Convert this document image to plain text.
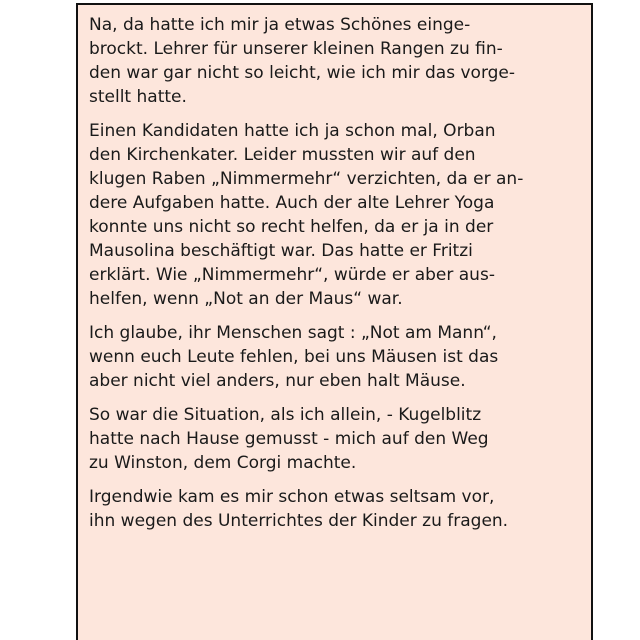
Na, da hatte ich mir ja etwas Schönes einge-
brockt. Lehrer für unserer kleinen Rangen zu fin-
den war gar nicht so leicht, wie ich mir das vorge-
stellt hatte.

Einen Kandidaten hatte ich ja schon mal, Orban
den Kirchenkater. Leider mussten wir auf den
klugen Raben „Nimmermehr“ verzichten, da er an-
dere Aufgaben hatte. Auch der alte Lehrer Yoga
konnte uns nicht so recht helfen, da er ja in der
Mausolina beschäftigt war. Das hatte er Fritzi
erklärt. Wie „Nimmermehr“, würde er aber aus-
helfen, wenn „Not an der Maus“ war.

Ich glaube, ihr Menschen sagt : „Not am Mann“,
wenn euch Leute fehlen, bei uns Mäusen ist das
aber nicht viel anders, nur eben halt Mäuse.

So war die Situation, als ich allein, - Kugelblitz
hatte nach Hause gemusst - mich auf den Weg
zu Winston, dem Corgi machte.

Irgendwie kam es mir schon etwas seltsam vor,
ihn wegen des Unterrichtes der Kinder zu fragen.
